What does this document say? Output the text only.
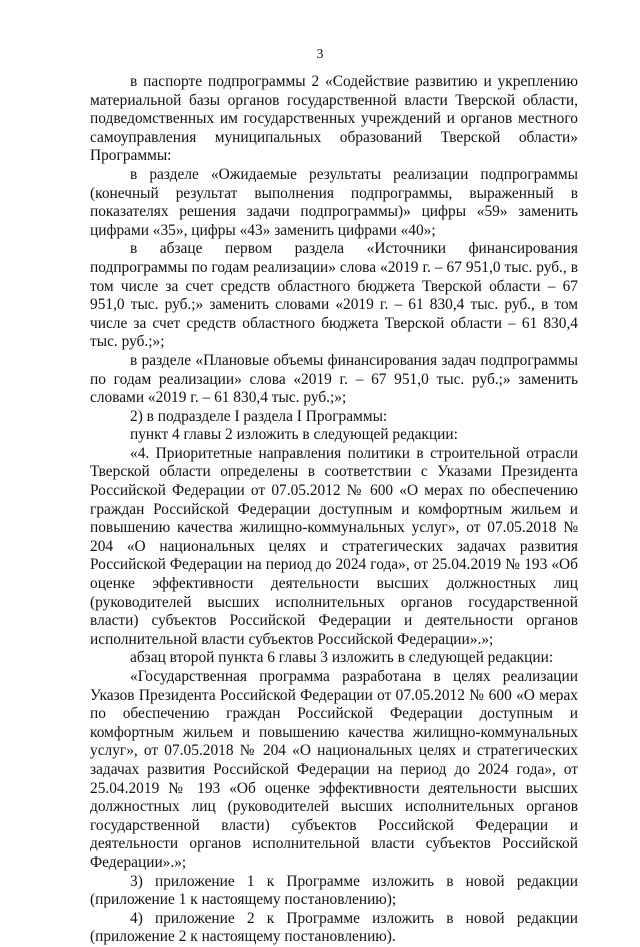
3

в паспорте подпрограммы 2 «Содействие развитию и укреплению материальной базы органов государственной власти Тверской области, подведомственных им государственных учреждений и органов местного самоуправления муниципальных образований Тверской области» Программы:

в разделе «Ожидаемые результаты реализации подпрограммы (конечный результат выполнения подпрограммы, выраженный в показателях решения задачи подпрограммы)» цифры «59» заменить цифрами «35», цифры «43» заменить цифрами «40»;

в абзаце первом раздела «Источники финансирования подпрограммы по годам реализации» слова «2019 г. – 67 951,0 тыс. руб., в том числе за счет средств областного бюджета Тверской области – 67 951,0 тыс. руб.;» заменить словами «2019 г. – 61 830,4 тыс. руб., в том числе за счет средств областного бюджета Тверской области – 61 830,4 тыс. руб.;»;

в разделе «Плановые объемы финансирования задач подпрограммы по годам реализации» слова «2019 г. – 67 951,0 тыс. руб.;» заменить словами «2019 г. – 61 830,4 тыс. руб.;»;

2) в подразделе I раздела I Программы:

пункт 4 главы 2 изложить в следующей редакции:

«4. Приоритетные направления политики в строительной отрасли Тверской области определены в соответствии с Указами Президента Российской Федерации от 07.05.2012 № 600 «О мерах по обеспечению граждан Российской Федерации доступным и комфортным жильем и повышению качества жилищно-коммунальных услуг», от 07.05.2018 № 204 «О национальных целях и стратегических задачах развития Российской Федерации на период до 2024 года», от 25.04.2019 № 193 «Об оценке эффективности деятельности высших должностных лиц (руководителей высших исполнительных органов государственной власти) субъектов Российской Федерации и деятельности органов исполнительной власти субъектов Российской Федерации».»;

абзац второй пункта 6 главы 3 изложить в следующей редакции:

«Государственная программа разработана в целях реализации Указов Президента Российской Федерации от 07.05.2012 № 600 «О мерах по обеспечению граждан Российской Федерации доступным и комфортным жильем и повышению качества жилищно-коммунальных услуг», от 07.05.2018 № 204 «О национальных целях и стратегических задачах развития Российской Федерации на период до 2024 года», от 25.04.2019 № 193 «Об оценке эффективности деятельности высших должностных лиц (руководителей высших исполнительных органов государственной власти) субъектов Российской Федерации и деятельности органов исполнительной власти субъектов Российской Федерации».»;

3) приложение 1 к Программе изложить в новой редакции (приложение 1 к настоящему постановлению);

4) приложение 2 к Программе изложить в новой редакции (приложение 2 к настоящему постановлению).
